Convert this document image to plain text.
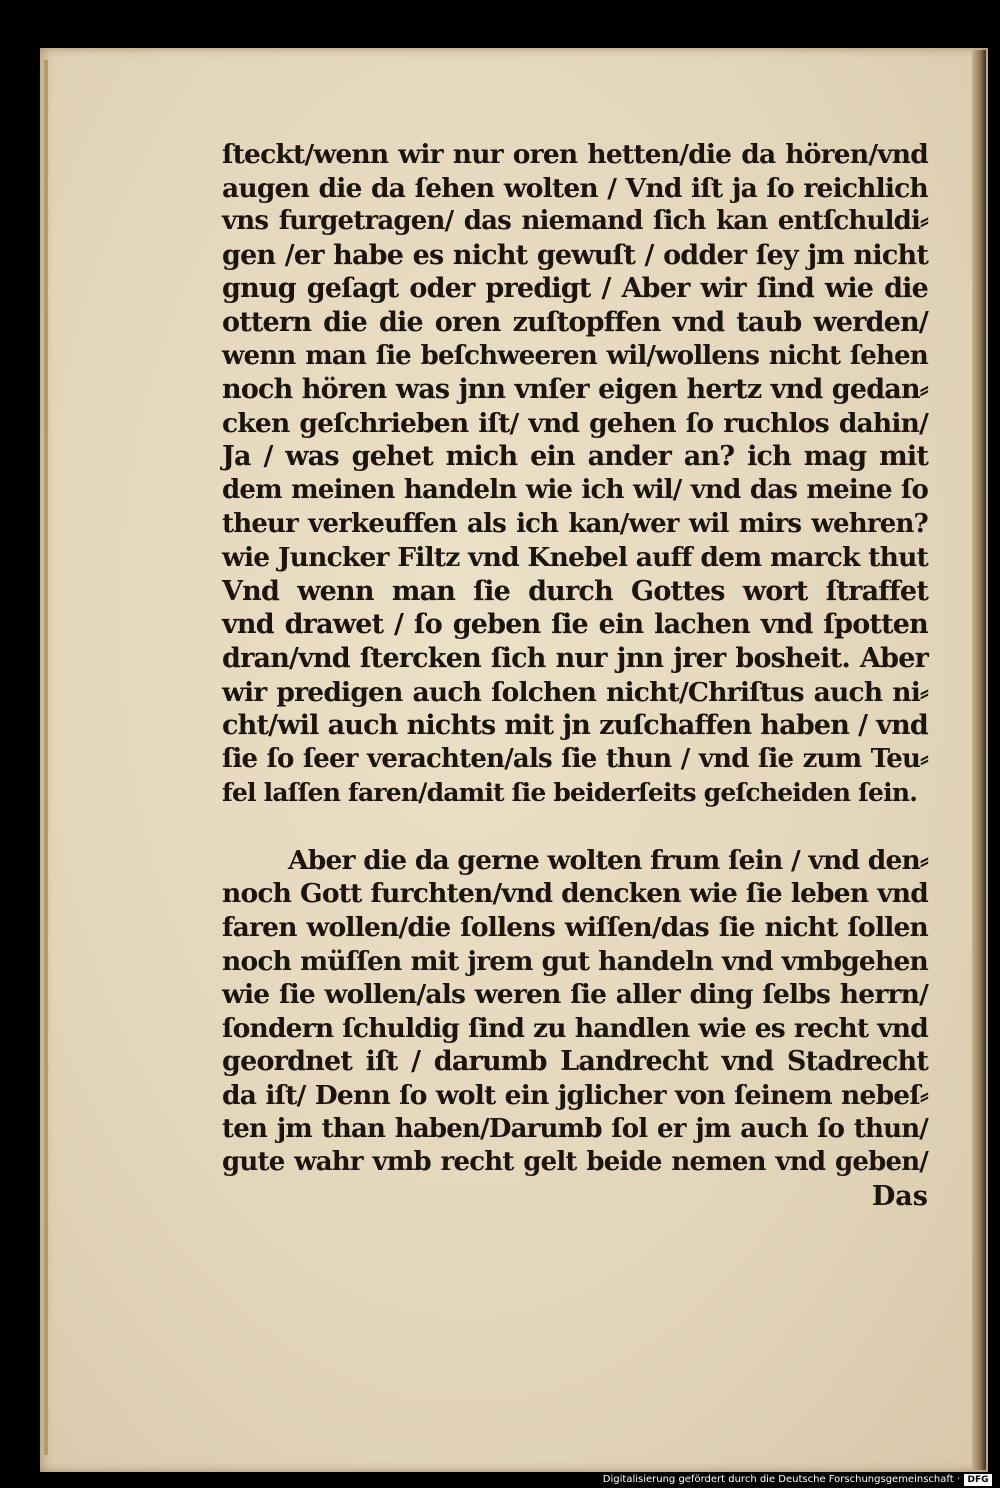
ſteckt/wenn wir nur oren hetten/die da hören/vnd
augen die da ſehen wolten / Vnd iſt ja ſo reichlich
vns furgetragen/ das niemand ſich kan entſchuldi⸗
gen /er habe es nicht gewuſt / odder ſey jm nicht
gnug geſagt oder predigt / Aber wir ſind wie die
ottern die die oren zuſtopffen vnd taub werden/
wenn man ſie beſchweeren wil/wollens nicht ſehen
noch hören was jnn vnſer eigen hertz vnd gedan⸗
cken geſchrieben iſt/ vnd gehen ſo ruchlos dahin/
Ja / was gehet mich ein ander an? ich mag mit
dem meinen handeln wie ich wil/ vnd das meine ſo
theur verkeuffen als ich kan/wer wil mirs wehren?
wie Juncker Filtz vnd Knebel auff dem marck thut
Vnd wenn man ſie durch Gottes wort ſtraffet
vnd drawet / ſo geben ſie ein lachen vnd ſpotten
dran/vnd ſtercken ſich nur jnn jrer bosheit. Aber
wir predigen auch ſolchen nicht/Chriſtus auch ni⸗
cht/wil auch nichts mit jn zuſchaffen haben / vnd
ſie ſo ſeer verachten/als ſie thun / vnd ſie zum Teu⸗
fel laſſen faren/damit ſie beiderſeits geſcheiden ſein.
Aber die da gerne wolten frum ſein / vnd den⸗
noch Gott furchten/vnd dencken wie ſie leben vnd
faren wollen/die ſollens wiſſen/das ſie nicht ſollen
noch müſſen mit jrem gut handeln vnd vmbgehen
wie ſie wollen/als weren ſie aller ding ſelbs herrn/
ſondern ſchuldig ſind zu handlen wie es recht vnd
geordnet iſt / darumb Landrecht vnd Stadrecht
da iſt/ Denn ſo wolt ein jglicher von ſeinem nebeſ⸗
ten jm than haben/Darumb ſol er jm auch ſo thun/
gute wahr vmb recht gelt beide nemen vnd geben/
Das
Digitalisierung gefördert durch die Deutsche Forschungsgemeinschaft · DFG
